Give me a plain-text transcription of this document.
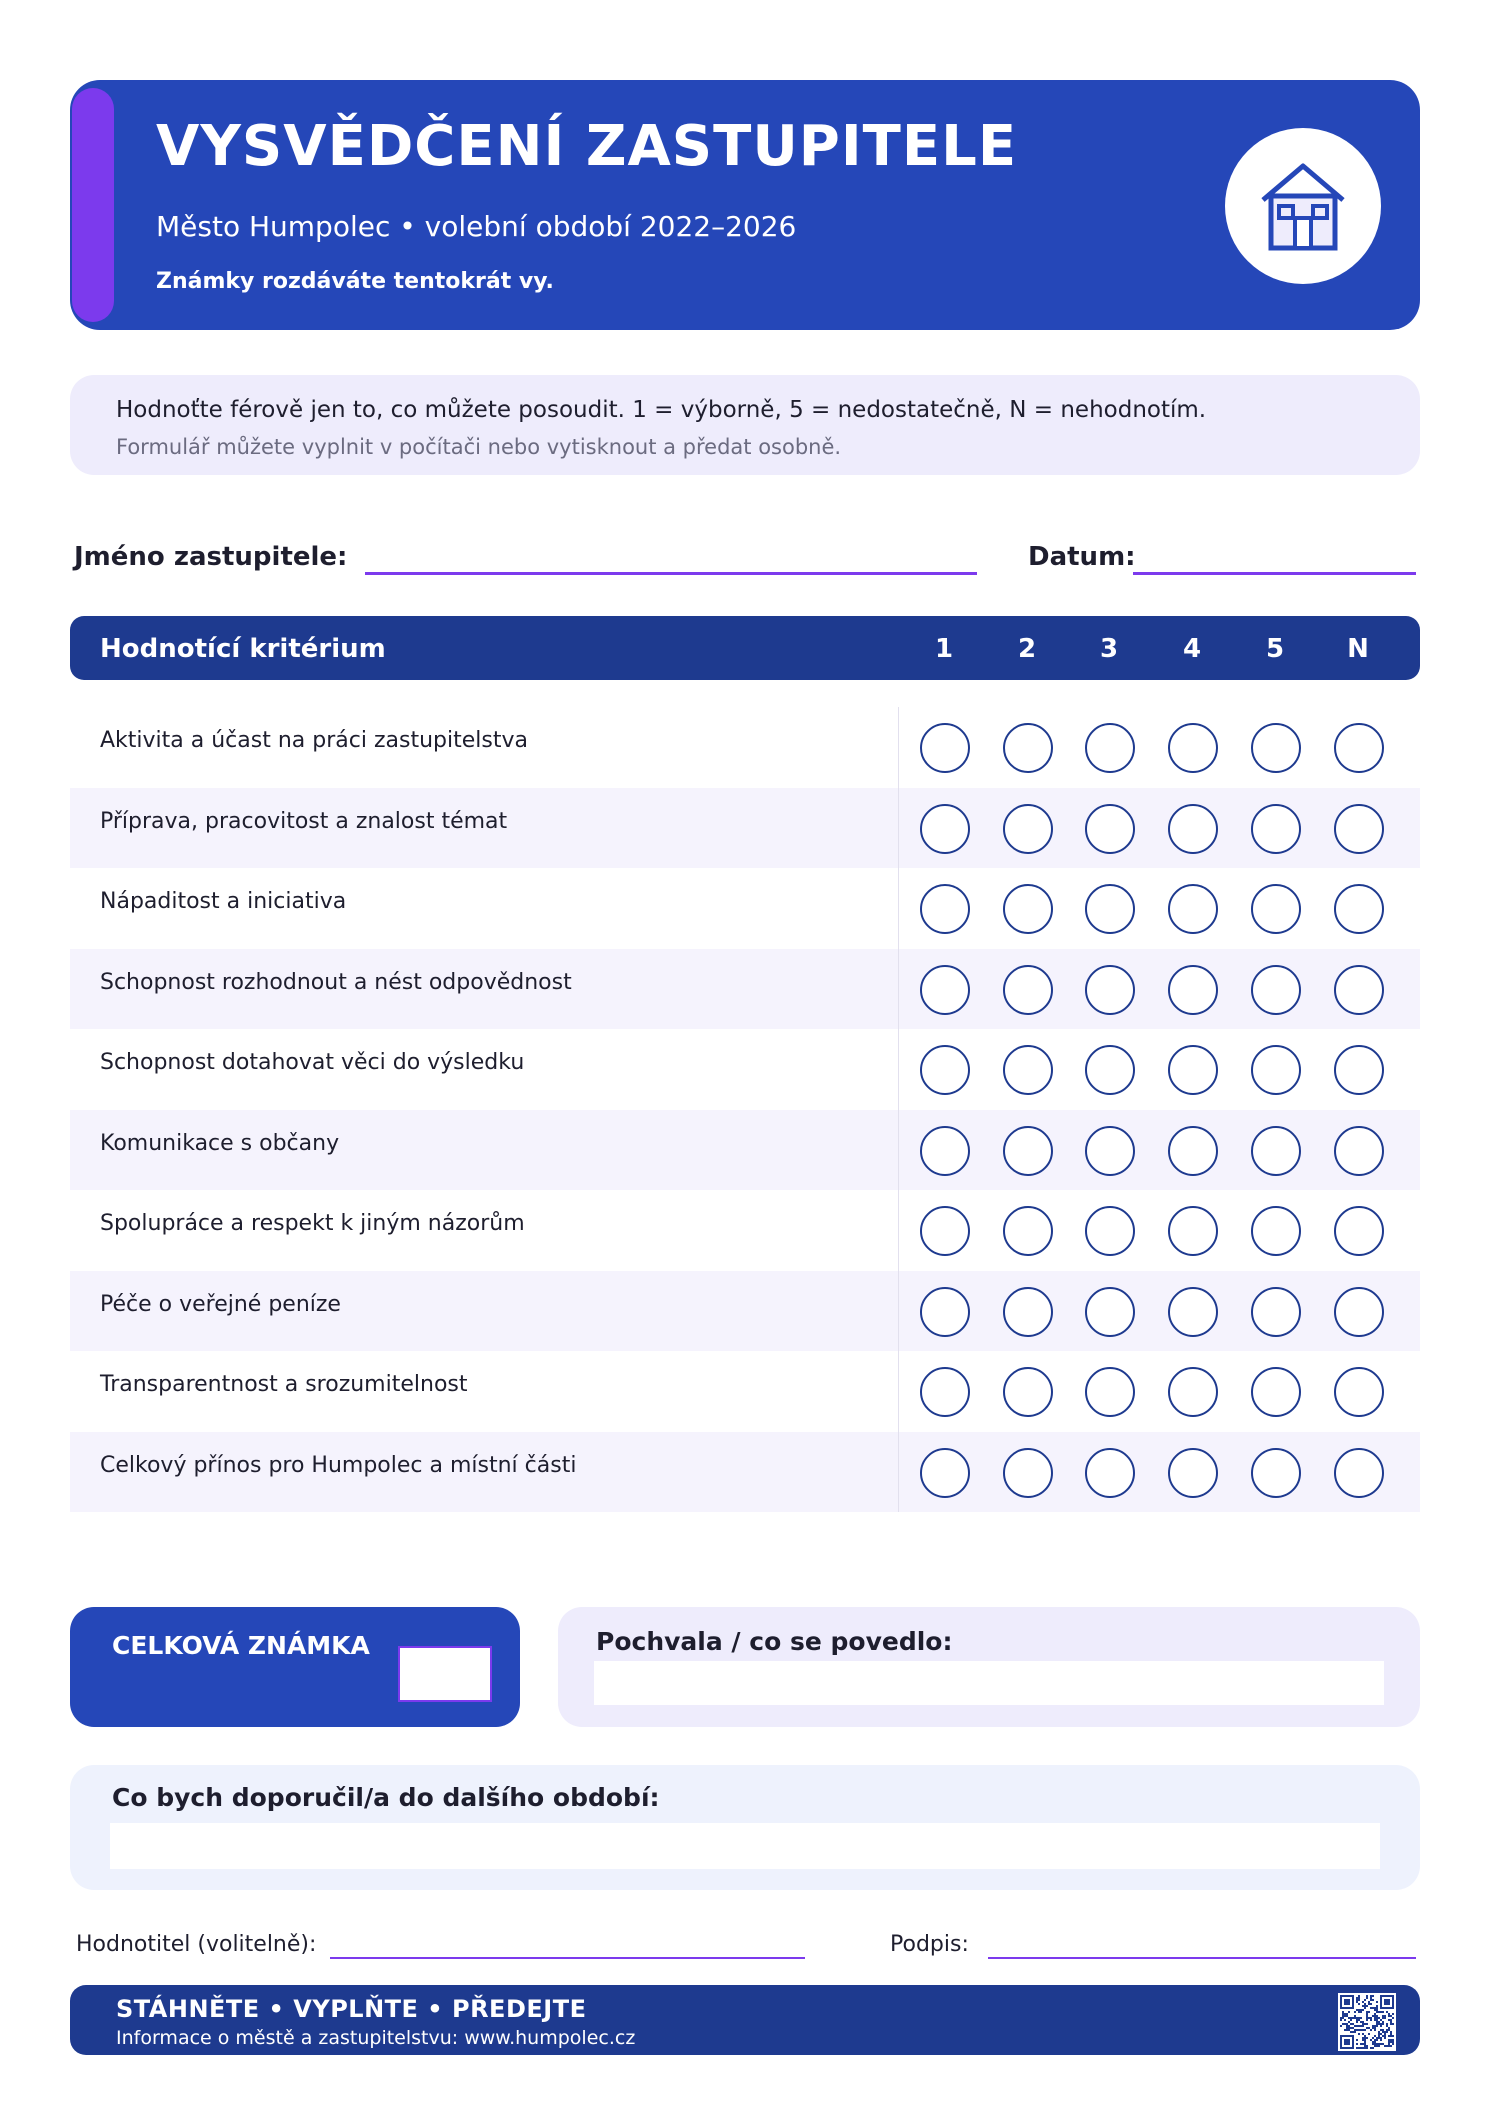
VYSVĚDČENÍ ZASTUPITELE
Město Humpolec • volební období 2022–2026
Známky rozdáváte tentokrát vy.
Hodnoťte férově jen to, co můžete posoudit. 1 = výborně, 5 = nedostatečně, N = nehodnotím.
Formulář můžete vyplnit v počítači nebo vytisknout a předat osobně.
Jméno zastupitele:	Datum:
Hodnotící kritérium	1	2	3	4	5	N
Aktivita a účast na práci zastupitelstva
Příprava, pracovitost a znalost témat
Nápaditost a iniciativa
Schopnost rozhodnout a nést odpovědnost
Schopnost dotahovat věci do výsledku
Komunikace s občany
Spolupráce a respekt k jiným názorům
Péče o veřejné peníze
Transparentnost a srozumitelnost
Celkový přínos pro Humpolec a místní části
CELKOVÁ ZNÁMKA	Pochvala / co se povedlo:
Co bych doporučil/a do dalšího období:
Hodnotitel (volitelně):	Podpis:
STÁHNĚTE • VYPLŇTE • PŘEDEJTE
Informace o městě a zastupitelstvu: www.humpolec.cz
